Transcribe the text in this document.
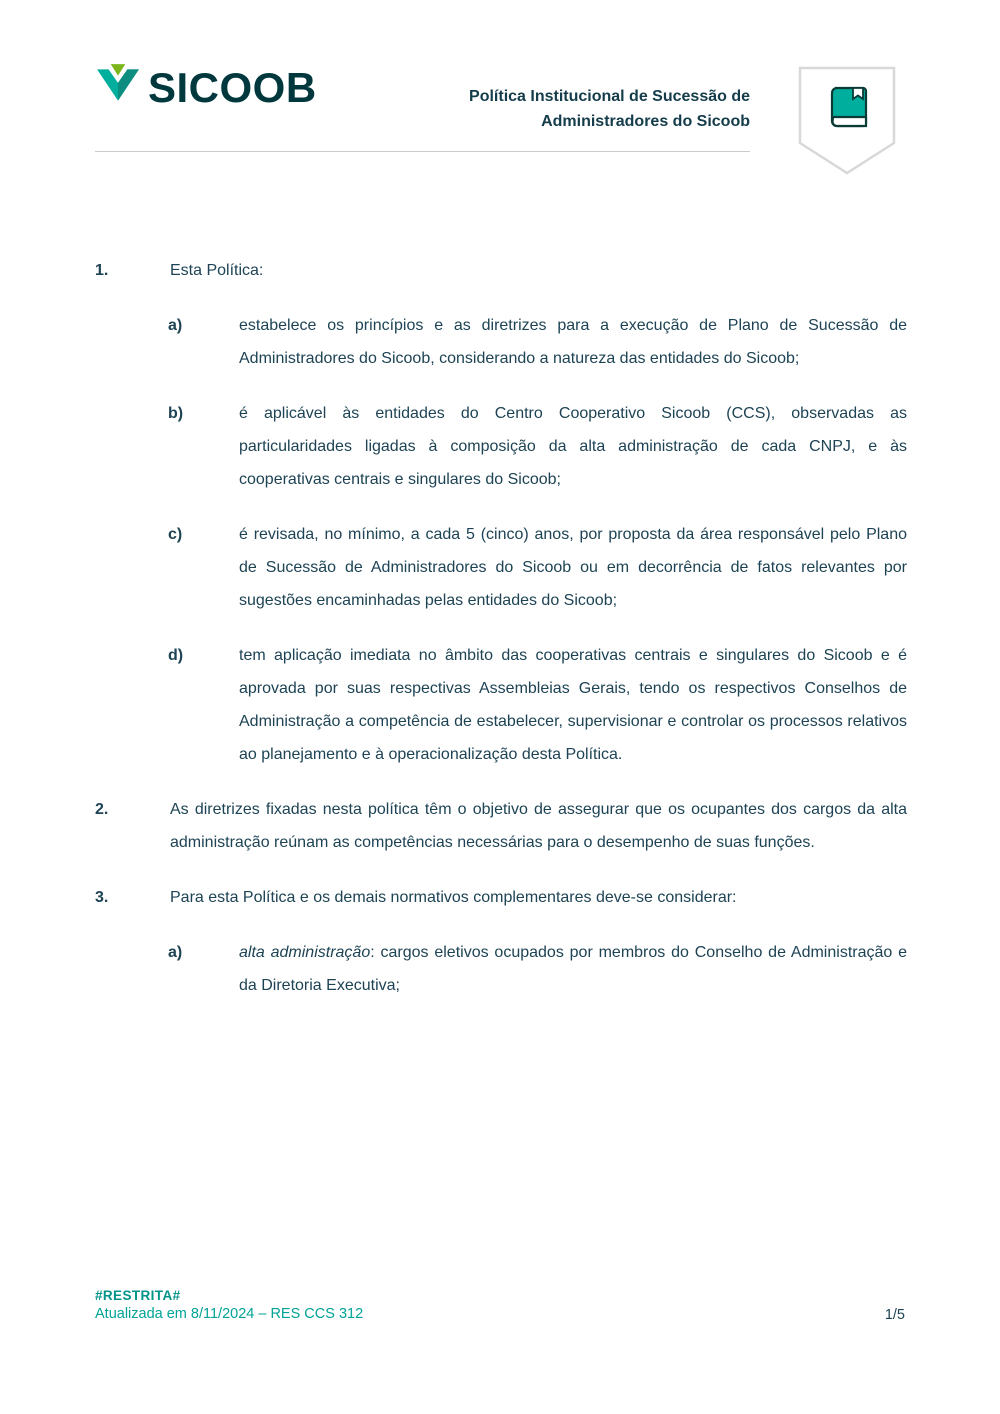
SICOOB	Política Institucional de Sucessão de
Administradores do Sicoob
1.	Esta Política:
a)	estabelece os princípios e as diretrizes para a execução de Plano de Sucessão de Administradores do Sicoob, considerando a natureza das entidades do Sicoob;
b)	é aplicável às entidades do Centro Cooperativo Sicoob (CCS), observadas as particularidades ligadas à composição da alta administração de cada CNPJ, e às cooperativas centrais e singulares do Sicoob;
c)	é revisada, no mínimo, a cada 5 (cinco) anos, por proposta da área responsável pelo Plano de Sucessão de Administradores do Sicoob ou em decorrência de fatos relevantes por sugestões encaminhadas pelas entidades do Sicoob;
d)	tem aplicação imediata no âmbito das cooperativas centrais e singulares do Sicoob e é aprovada por suas respectivas Assembleias Gerais, tendo os respectivos Conselhos de Administração a competência de estabelecer, supervisionar e controlar os processos relativos ao planejamento e à operacionalização desta Política.
2.	As diretrizes fixadas nesta política têm o objetivo de assegurar que os ocupantes dos cargos da alta administração reúnam as competências necessárias para o desempenho de suas funções.
3.	Para esta Política e os demais normativos complementares deve-se considerar:
a)	alta administração: cargos eletivos ocupados por membros do Conselho de Administração e da Diretoria Executiva;
#RESTRITA#
Atualizada em 8/11/2024 – RES CCS 312	1/5
